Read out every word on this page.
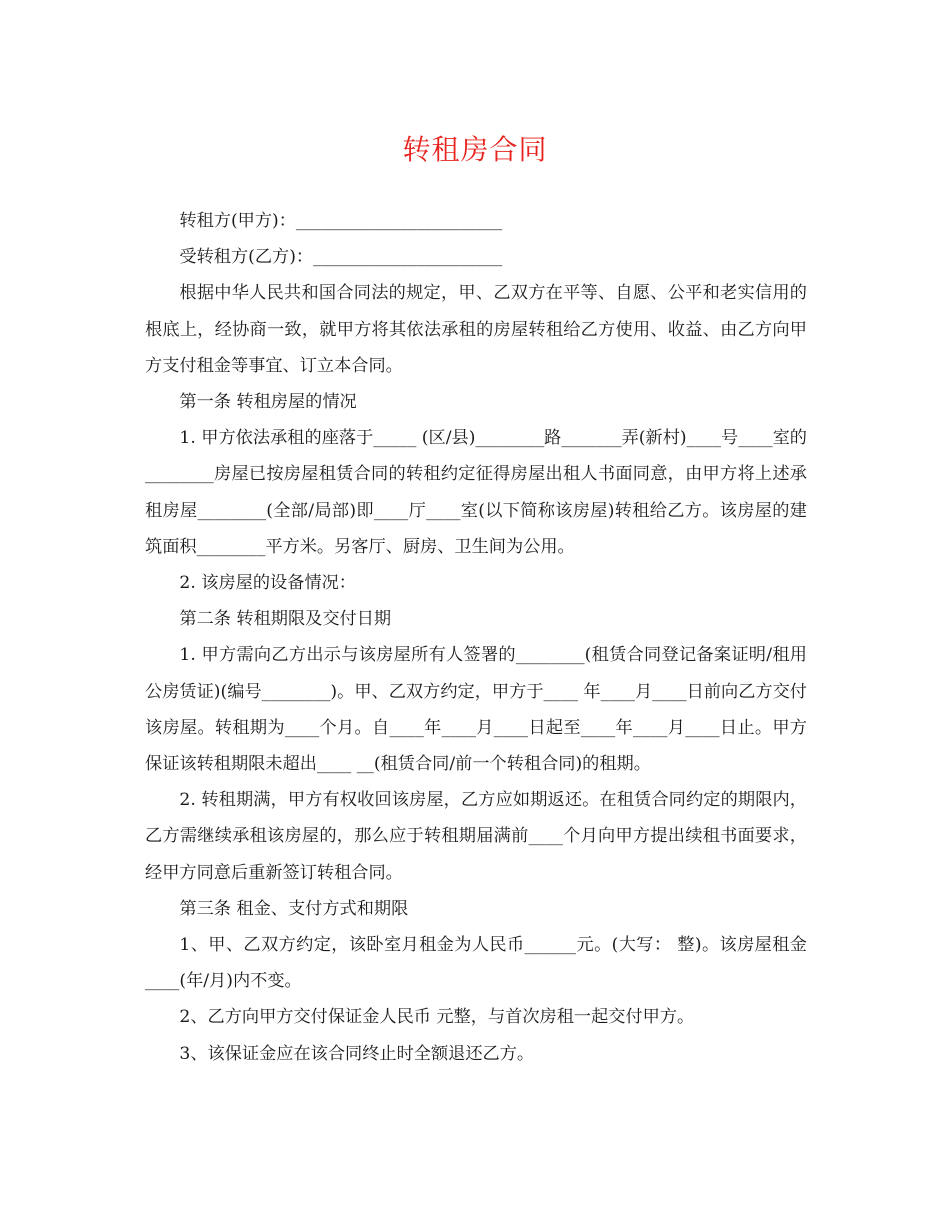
转租房合同

转租方(甲方)：________________________

受转租方(乙方)：______________________

根据中华人民共和国合同法的规定，甲、乙双方在平等、自愿、公平和老实信用的根底上，经协商一致，就甲方将其依法承租的房屋转租给乙方使用、收益、由乙方向甲方支付租金等事宜、订立本合同。

第一条 转租房屋的情况

1. 甲方依法承租的座落于_____ (区/县)________路_______弄(新村)____号____室的________房屋已按房屋租赁合同的转租约定征得房屋出租人书面同意，由甲方将上述承租房屋________(全部/局部)即____厅____室(以下简称该房屋)转租给乙方。该房屋的建筑面积________平方米。另客厅、厨房、卫生间为公用。

2. 该房屋的设备情况：

第二条 转租期限及交付日期

1. 甲方需向乙方出示与该房屋所有人签署的________(租赁合同登记备案证明/租用公房赁证)(编号________)。甲、乙双方约定，甲方于____ 年____月____日前向乙方交付该房屋。转租期为____个月。自____年____月____日起至____年____月____日止。甲方保证该转租期限未超出____ __(租赁合同/前一个转租合同)的租期。

2. 转租期满，甲方有权收回该房屋，乙方应如期返还。在租赁合同约定的期限内，乙方需继续承租该房屋的，那么应于转租期届满前____个月向甲方提出续租书面要求，经甲方同意后重新签订转租合同。

第三条 租金、支付方式和期限

1、甲、乙双方约定，该卧室月租金为人民币______元。(大写： 整)。该房屋租金____(年/月)内不变。

2、乙方向甲方交付保证金人民币 元整，与首次房租一起交付甲方。

3、该保证金应在该合同终止时全额退还乙方。
